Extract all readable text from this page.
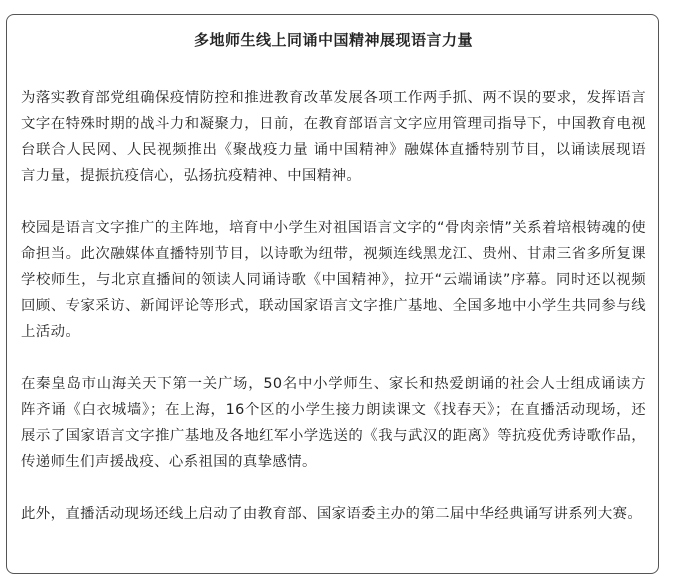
多地师生线上同诵中国精神展现语言力量

为落实教育部党组确保疫情防控和推进教育改革发展各项工作两手抓、两不误的要求，发挥语言文字在特殊时期的战斗力和凝聚力，日前，在教育部语言文字应用管理司指导下，中国教育电视台联合人民网、人民视频推出《聚战疫力量 诵中国精神》融媒体直播特别节目，以诵读展现语言力量，提振抗疫信心，弘扬抗疫精神、中国精神。

校园是语言文字推广的主阵地，培育中小学生对祖国语言文字的“骨肉亲情”关系着培根铸魂的使命担当。此次融媒体直播特别节目，以诗歌为纽带，视频连线黑龙江、贵州、甘肃三省多所复课学校师生，与北京直播间的领读人同诵诗歌《中国精神》，拉开“云端诵读”序幕。同时还以视频回顾、专家采访、新闻评论等形式，联动国家语言文字推广基地、全国多地中小学生共同参与线上活动。

在秦皇岛市山海关天下第一关广场，50名中小学师生、家长和热爱朗诵的社会人士组成诵读方阵齐诵《白衣城墙》；在上海，16个区的小学生接力朗读课文《找春天》；在直播活动现场，还展示了国家语言文字推广基地及各地红军小学选送的《我与武汉的距离》等抗疫优秀诗歌作品，传递师生们声援战疫、心系祖国的真挚感情。

此外，直播活动现场还线上启动了由教育部、国家语委主办的第二届中华经典诵写讲系列大赛。
